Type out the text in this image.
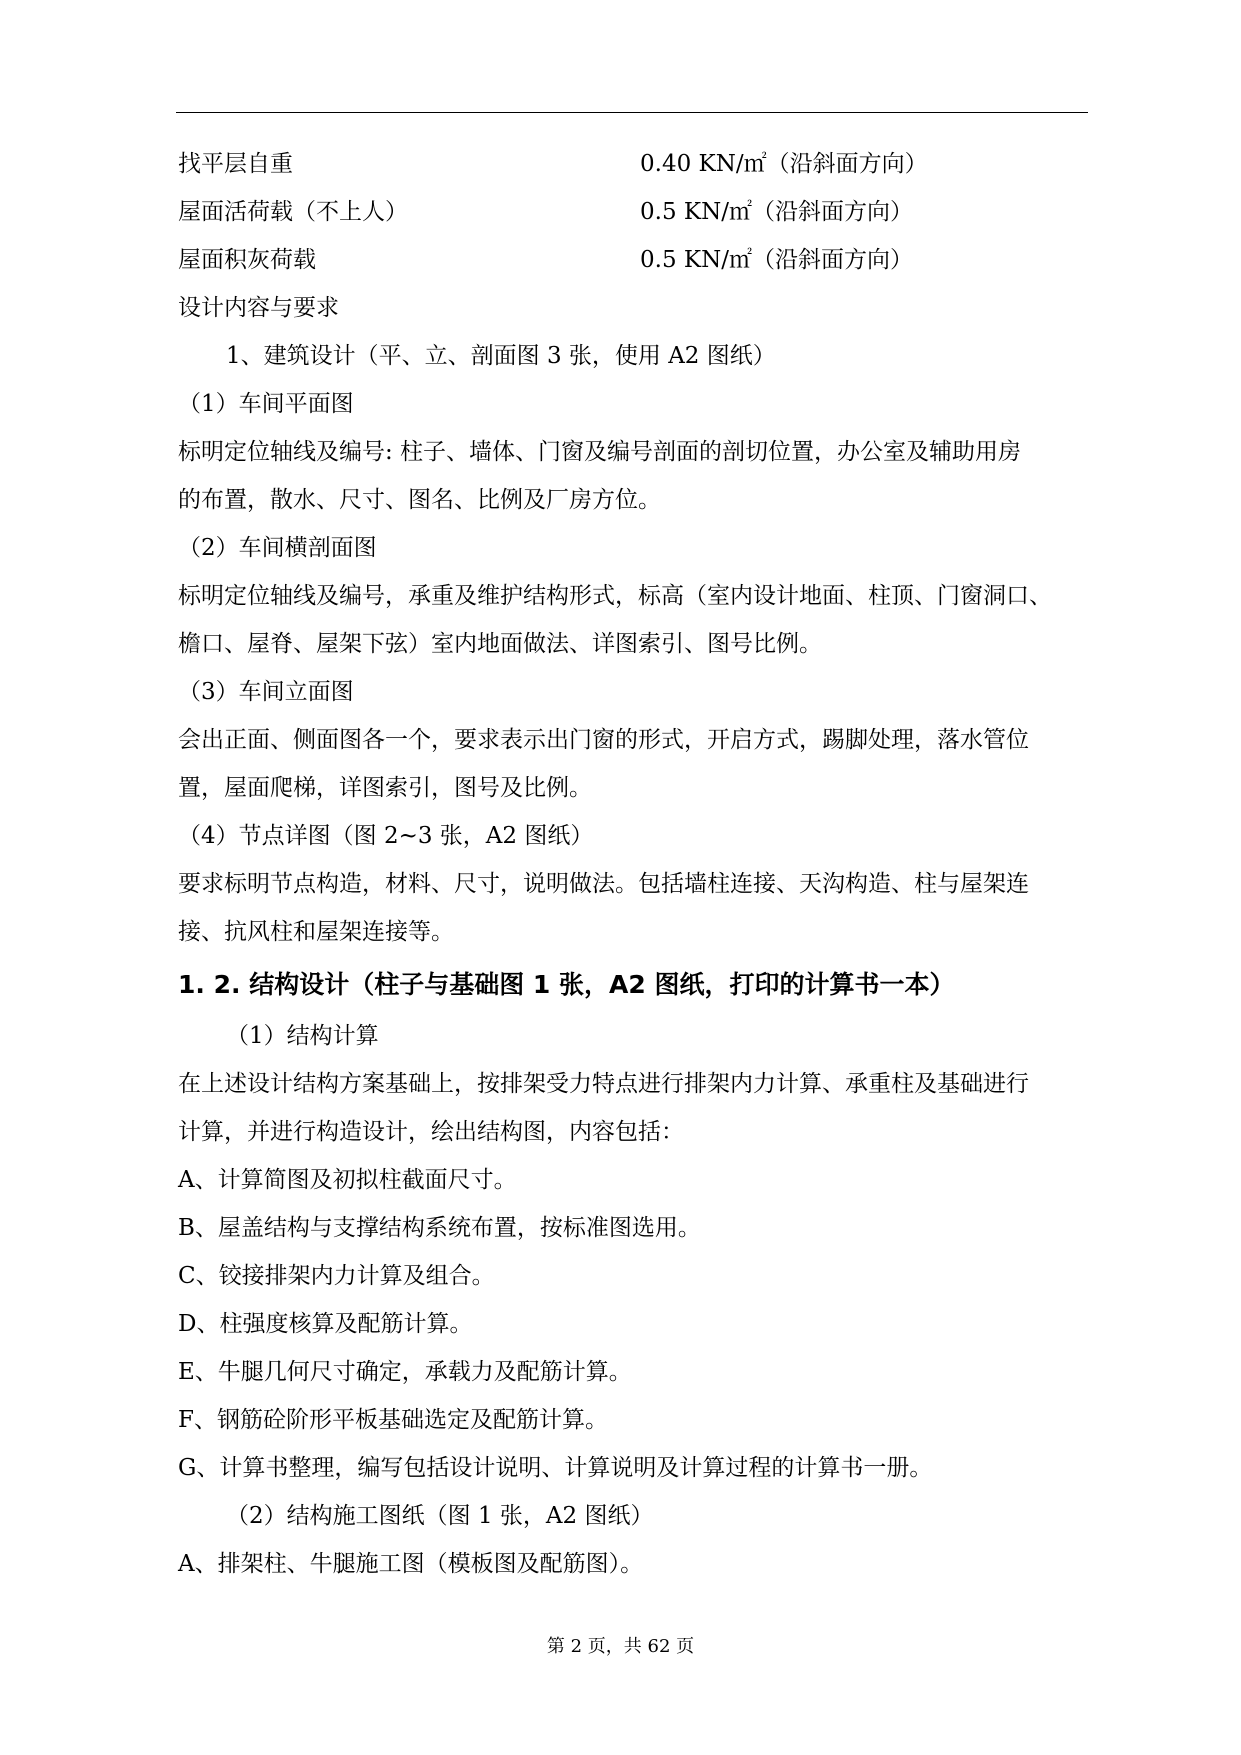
找平层自重	0.40 KN/㎡（沿斜面方向）
屋面活荷载（不上人）	0.5 KN/㎡（沿斜面方向）
屋面积灰荷载	0.5 KN/㎡（沿斜面方向）
设计内容与要求
1、建筑设计（平、立、剖面图 3 张，使用 A2 图纸）
（1）车间平面图
标明定位轴线及编号: 柱子、墙体、门窗及编号剖面的剖切位置，办公室及辅助用房
的布置，散水、尺寸、图名、比例及厂房方位。
（2）车间横剖面图
标明定位轴线及编号，承重及维护结构形式，标高（室内设计地面、柱顶、门窗洞口、
檐口、屋脊、屋架下弦）室内地面做法、详图索引、图号比例。
（3）车间立面图
会出正面、侧面图各一个，要求表示出门窗的形式，开启方式，踢脚处理，落水管位
置，屋面爬梯，详图索引，图号及比例。
（4）节点详图（图 2~3 张，A2 图纸）
要求标明节点构造，材料、尺寸，说明做法。包括墙柱连接、天沟构造、柱与屋架连
接、抗风柱和屋架连接等。
1. 2. 结构设计（柱子与基础图 1 张，A2 图纸，打印的计算书一本）
（1）结构计算
在上述设计结构方案基础上，按排架受力特点进行排架内力计算、承重柱及基础进行
计算，并进行构造设计，绘出结构图，内容包括：
A、计算简图及初拟柱截面尺寸。
B、屋盖结构与支撑结构系统布置，按标准图选用。
C、铰接排架内力计算及组合。
D、柱强度核算及配筋计算。
E、牛腿几何尺寸确定，承载力及配筋计算。
F、钢筋砼阶形平板基础选定及配筋计算。
G、计算书整理，编写包括设计说明、计算说明及计算过程的计算书一册。
（2）结构施工图纸（图 1 张，A2 图纸）
A、排架柱、牛腿施工图（模板图及配筋图）。
第 2 页，共 62 页
